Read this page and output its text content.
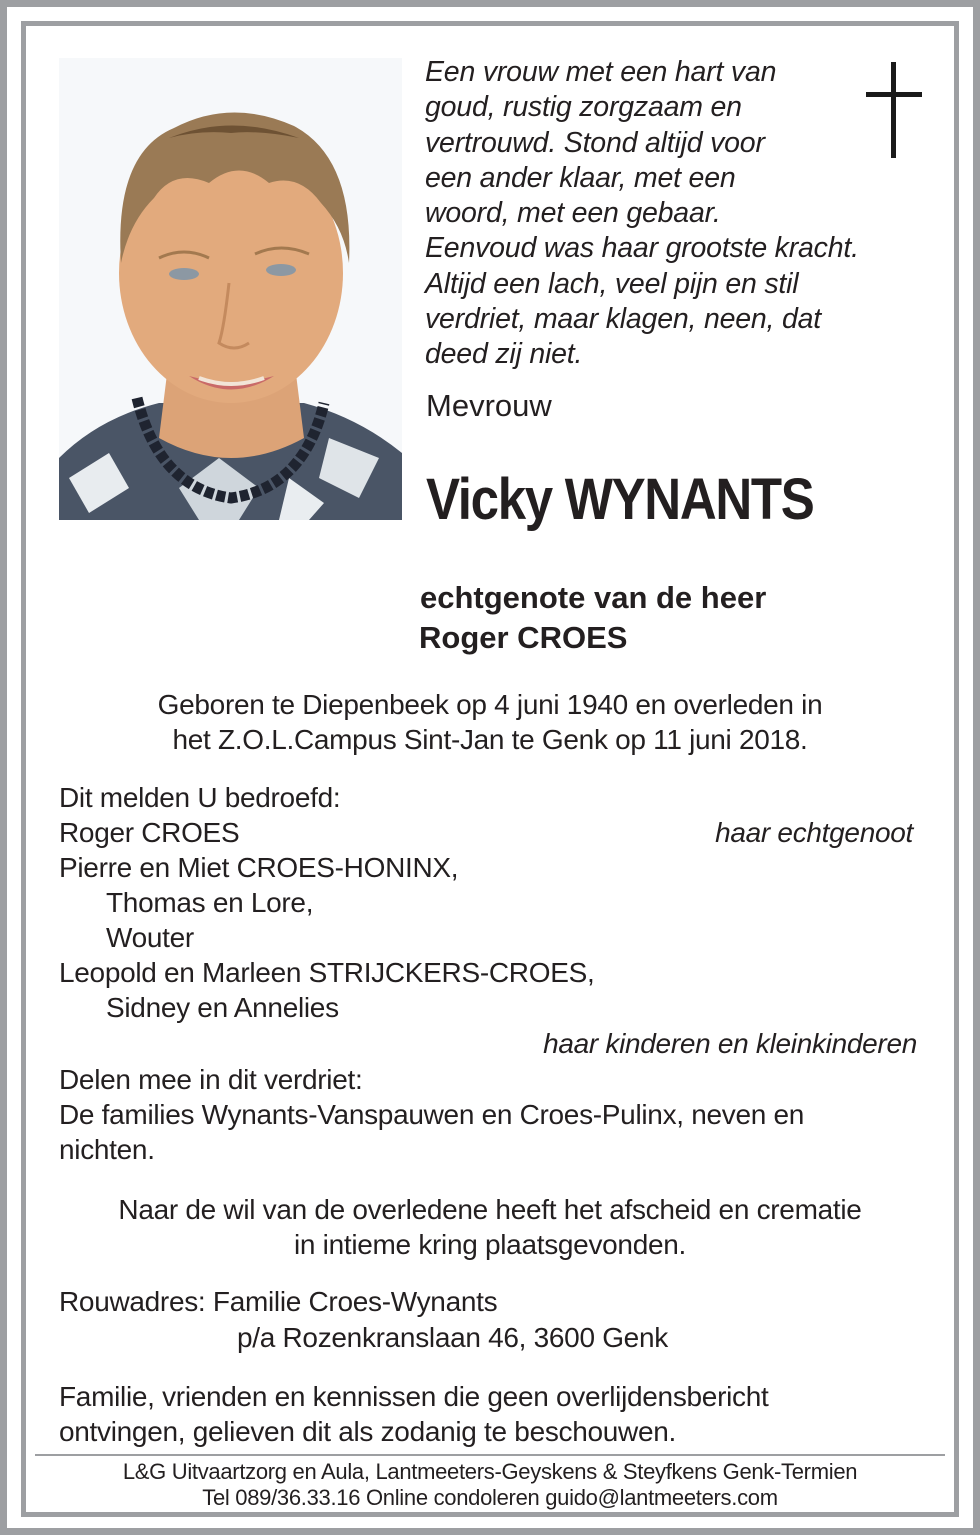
Een vrouw met een hart van
goud, rustig zorgzaam en
vertrouwd. Stond altijd voor
een ander klaar, met een
woord, met een gebaar.
Eenvoud was haar grootste kracht.
Altijd een lach, veel pijn en stil
verdriet, maar klagen, neen, dat
deed zij niet.
Mevrouw
Vicky WYNANTS
echtgenote van de heer
Roger CROES
Geboren te Diepenbeek op 4 juni 1940 en overleden in
het Z.O.L.Campus Sint-Jan te Genk op 11 juni 2018.
Dit melden U bedroefd:
Roger CROES	haar echtgenoot
Pierre en Miet CROES-HONINX,
Thomas en Lore,
Wouter
Leopold en Marleen STRIJCKERS-CROES,
Sidney en Annelies
haar kinderen en kleinkinderen
Delen mee in dit verdriet:
De families Wynants-Vanspauwen en Croes-Pulinx, neven en
nichten.
Naar de wil van de overledene heeft het afscheid en crematie
in intieme kring plaatsgevonden.
Rouwadres: Familie Croes-Wynants
p/a Rozenkranslaan 46, 3600 Genk
Familie, vrienden en kennissen die geen overlijdensbericht
ontvingen, gelieven dit als zodanig te beschouwen.
L&G Uitvaartzorg en Aula, Lantmeeters-Geyskens & Steyfkens Genk-Termien
Tel 089/36.33.16 Online condoleren guido@lantmeeters.com
